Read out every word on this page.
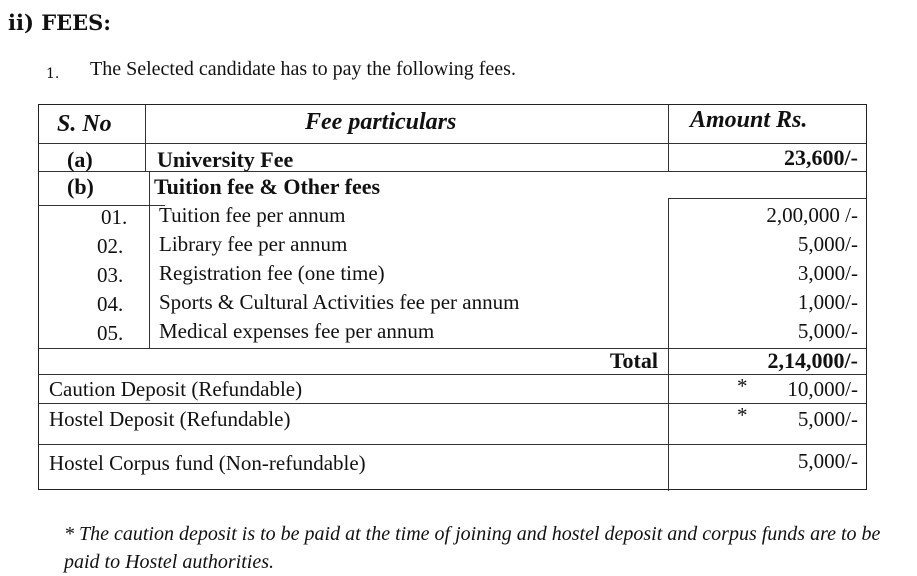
ii) FEES:
1. The Selected candidate has to pay the following fees.
S. No	Fee particulars	Amount Rs.
(a)	University Fee	23,600/-
(b)	Tuition fee & Other fees
01. Tuition fee per annum	2,00,000 /-
02. Library fee per annum	5,000/-
03. Registration fee (one time)	3,000/-
04. Sports & Cultural Activities fee per annum	1,000/-
05. Medical expenses fee per annum	5,000/-
Total	2,14,000/-
Caution Deposit (Refundable)	* 10,000/-
Hostel Deposit (Refundable)	* 5,000/-
Hostel Corpus fund (Non-refundable)	5,000/-
* The caution deposit is to be paid at the time of joining and hostel deposit and corpus funds are to be paid to Hostel authorities.
